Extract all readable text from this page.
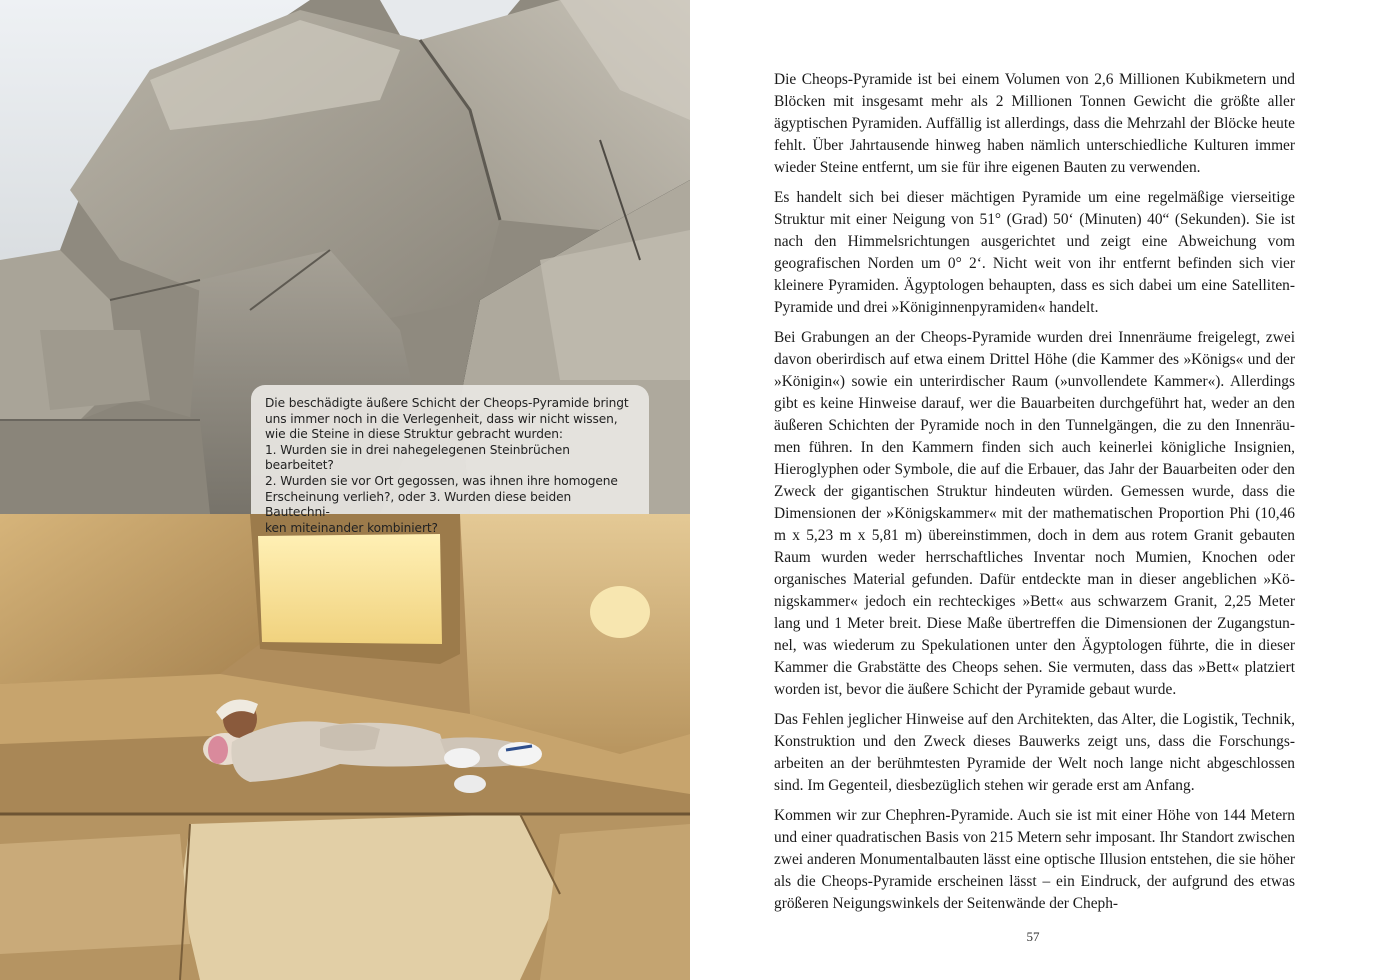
Die beschädigte äußere Schicht der Cheops-Pyramide bringt
uns immer noch in die Verlegenheit, dass wir nicht wissen,
wie die Steine in diese Struktur gebracht wurden:
1. Wurden sie in drei nahegelegenen Steinbrüchen bearbeitet?
2. Wurden sie vor Ort gegossen, was ihnen ihre homogene
Erscheinung verlieh?, oder 3. Wurden diese beiden Bautechni-
ken miteinander kombiniert?

Die Cheops-Pyramide ist bei einem Volumen von 2,6 Millionen Kubikmetern und Blöcken mit insgesamt mehr als 2 Millionen Tonnen Gewicht die größte aller ägyptischen Pyramiden. Auffällig ist allerdings, dass die Mehrzahl der Blöcke heute fehlt. Über Jahrtausende hinweg haben nämlich unterschiedliche Kulturen immer wieder Steine entfernt, um sie für ihre eigenen Bauten zu verwenden.

Es handelt sich bei dieser mächtigen Pyramide um eine regelmäßige vierseitige Struktur mit einer Neigung von 51° (Grad) 50‘ (Minuten) 40“ (Sekunden). Sie ist nach den Himmelsrichtungen ausgerichtet und zeigt eine Abweichung vom geografischen Norden um 0° 2‘. Nicht weit von ihr entfernt befinden sich vier kleinere Pyramiden. Ägyptologen behaupten, dass es sich dabei um eine Satelliten-Pyramide und drei »Königinnenpyramiden« handelt.

Bei Grabungen an der Cheops-Pyramide wurden drei Innenräume freigelegt, zwei davon oberirdisch auf etwa einem Drittel Höhe (die Kammer des »Königs« und der »Königin«) sowie ein unterirdischer Raum (»unvollendete Kammer«). Allerdings gibt es keine Hinweise darauf, wer die Bauarbeiten durchgeführt hat, weder an den äußeren Schichten der Pyramide noch in den Tunnelgängen, die zu den Innenräumen führen. In den Kammern finden sich auch keinerlei königliche Insignien, Hieroglyphen oder Symbole, die auf die Erbauer, das Jahr der Bauarbeiten oder den Zweck der gigantischen Struktur hindeuten würden. Gemessen wurde, dass die Dimensionen der »Königskammer« mit der mathematischen Proportion Phi (10,46 m x 5,23 m x 5,81 m) übereinstimmen, doch in dem aus rotem Granit gebauten Raum wurden weder herrschaftliches Inventar noch Mumien, Knochen oder organisches Material gefunden. Dafür entdeckte man in dieser angeblichen »Königskammer« jedoch ein rechteckiges »Bett« aus schwarzem Granit, 2,25 Meter lang und 1 Meter breit. Diese Maße übertreffen die Dimensionen der Zugangstunnel, was wiederum zu Spekulationen unter den Ägyptologen führte, die in dieser Kammer die Grabstätte des Cheops sehen. Sie vermuten, dass das »Bett« platziert worden ist, bevor die äußere Schicht der Pyramide gebaut wurde.

Das Fehlen jeglicher Hinweise auf den Architekten, das Alter, die Logistik, Technik, Konstruktion und den Zweck dieses Bauwerks zeigt uns, dass die Forschungsarbeiten an der berühmtesten Pyramide der Welt noch lange nicht abgeschlossen sind. Im Gegenteil, diesbezüglich stehen wir gerade erst am Anfang.

Kommen wir zur Chephren-Pyramide. Auch sie ist mit einer Höhe von 144 Metern und einer quadratischen Basis von 215 Metern sehr imposant. Ihr Standort zwischen zwei anderen Monumentalbauten lässt eine optische Illusion entstehen, die sie höher als die Cheops-Pyramide erscheinen lässt – ein Eindruck, der aufgrund des etwas größeren Neigungswinkels der Seitenwände der Cheph-

57
